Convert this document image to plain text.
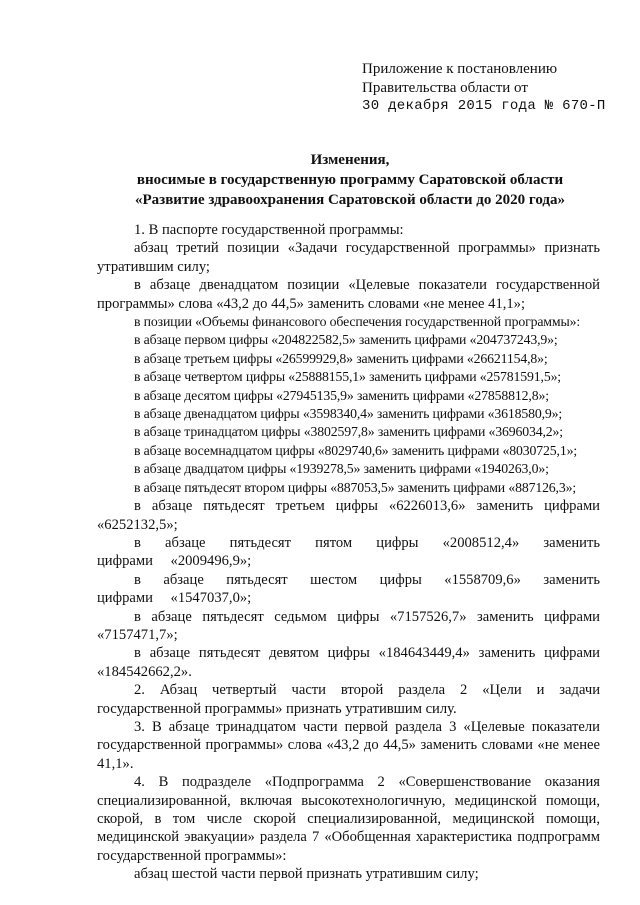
Приложение к постановлению
Правительства области от
30 декабря 2015 года № 670-П
Изменения,
вносимые в государственную программу Саратовской области
«Развитие здравоохранения Саратовской области до 2020 года»

1. В паспорте государственной программы:

абзац третий позиции «Задачи государственной программы» признать утратившим силу;

в абзаце двенадцатом позиции «Целевые показатели государственной программы» слова «43,2 до 44,5» заменить словами «не менее 41,1»;

в позиции «Объемы финансового обеспечения государственной программы»:

в абзаце первом цифры «204822582,5» заменить цифрами «204737243,9»;

в абзаце третьем цифры «26599929,8» заменить цифрами «26621154,8»;

в абзаце четвертом цифры «25888155,1» заменить цифрами «25781591,5»;

в абзаце десятом цифры «27945135,9» заменить цифрами «27858812,8»;

в абзаце двенадцатом цифры «3598340,4» заменить цифрами «3618580,9»;

в абзаце тринадцатом цифры «3802597,8» заменить цифрами «3696034,2»;

в абзаце восемнадцатом цифры «8029740,6» заменить цифрами «8030725,1»;

в абзаце двадцатом цифры «1939278,5» заменить цифрами «1940263,0»;

в абзаце пятьдесят втором цифры «887053,5» заменить цифрами «887126,3»;

в абзаце пятьдесят третьем цифры «6226013,6» заменить цифрами «6252132,5»;

в абзаце пятьдесят пятом цифры «2008512,4» заменить цифрами «2009496,9»;

в абзаце пятьдесят шестом цифры «1558709,6» заменить цифрами «1547037,0»;

в абзаце пятьдесят седьмом цифры «7157526,7» заменить цифрами «7157471,7»;

в абзаце пятьдесят девятом цифры «184643449,4» заменить цифрами «184542662,2».

2. Абзац четвертый части второй раздела 2 «Цели и задачи государственной программы» признать утратившим силу.

3. В абзаце тринадцатом части первой раздела 3 «Целевые показатели государственной программы» слова «43,2 до 44,5» заменить словами «не менее 41,1».

4. В подразделе «Подпрограмма 2 «Совершенствование оказания специализированной, включая высокотехнологичную, медицинской помощи, скорой, в том числе скорой специализированной, медицинской помощи, медицинской эвакуации» раздела 7 «Обобщенная характеристика подпрограмм государственной программы»:

абзац шестой части первой признать утратившим силу;
